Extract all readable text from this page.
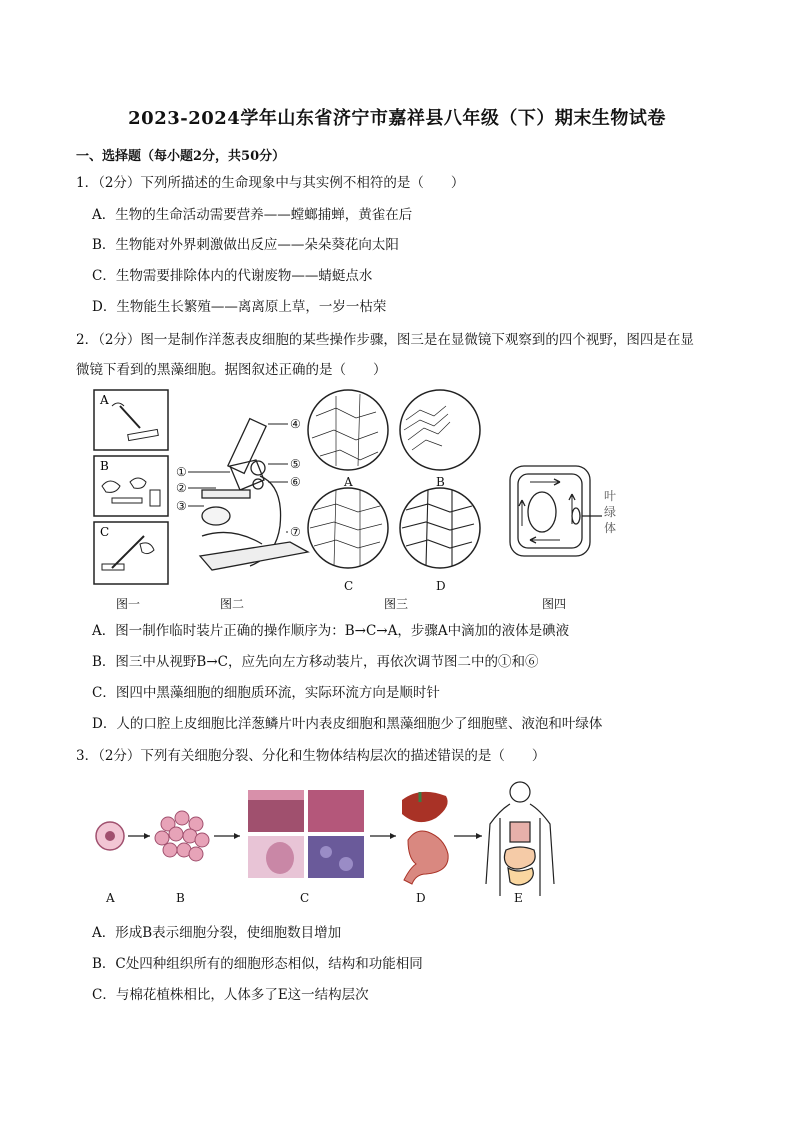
2023-2024学年山东省济宁市嘉祥县八年级（下）期末生物试卷
一、选择题（每小题2分，共50分）
1．（2分）下列所描述的生命现象中与其实例不相符的是（　　）
A．生物的生命活动需要营养——螳螂捕蝉，黄雀在后
B．生物能对外界刺激做出反应——朵朵葵花向太阳
C．生物需要排除体内的代谢废物——蜻蜓点水
D．生物能生长繁殖——离离原上草，一岁一枯荣
2．（2分）图一是制作洋葱表皮细胞的某些操作步骤，图三是在显微镜下观察到的四个视野，图四是在显
微镜下看到的黑藻细胞。据图叙述正确的是（　　）
A
B
C
①
②
③
④
⑤
⑥
⑦
A	B
C	D
叶
绿
体
图一	图二	图三	图四
A．图一制作临时装片正确的操作顺序为：B→C→A，步骤A中滴加的液体是碘液
B．图三中从视野B→C，应先向左方移动装片，再依次调节图二中的①和⑥
C．图四中黑藻细胞的细胞质环流，实际环流方向是顺时针
D．人的口腔上皮细胞比洋葱鳞片叶内表皮细胞和黑藻细胞少了细胞壁、液泡和叶绿体
3．（2分）下列有关细胞分裂、分化和生物体结构层次的描述错误的是（　　）
A	B	C	D	E
A．形成B表示细胞分裂，使细胞数目增加
B．C处四种组织所有的细胞形态相似，结构和功能相同
C．与棉花植株相比，人体多了E这一结构层次
